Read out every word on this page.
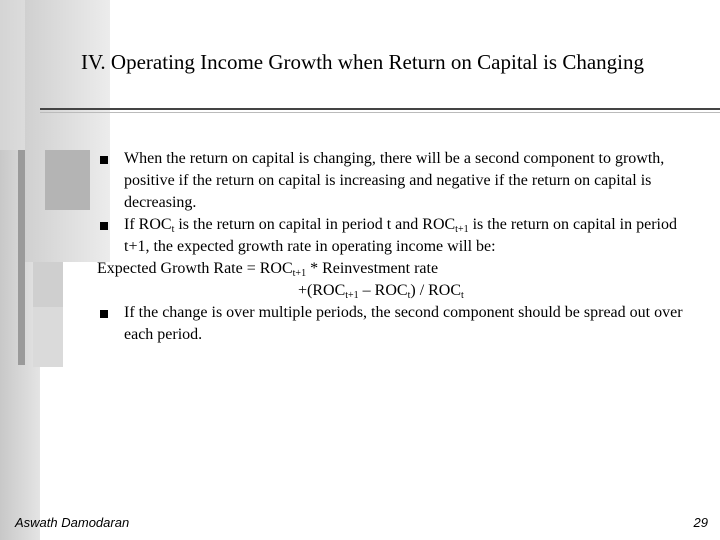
IV. Operating Income Growth when Return on Capital is Changing
When the return on capital is changing, there will be a second component to growth, positive if the return on capital is increasing and negative if the return on capital is decreasing.
If $ROC_t$ is the return on capital in period t and $ROC_{t+1}$ is the return on capital in period t+1, the expected growth rate in operating income will be:
Expected Growth Rate = $ROC_{t+1}$ * Reinvestment rate
$+(ROC_{t+1} - ROC_t) / ROC_t$
If the change is over multiple periods, the second component should be spread out over each period.
Aswath Damodaran	29
